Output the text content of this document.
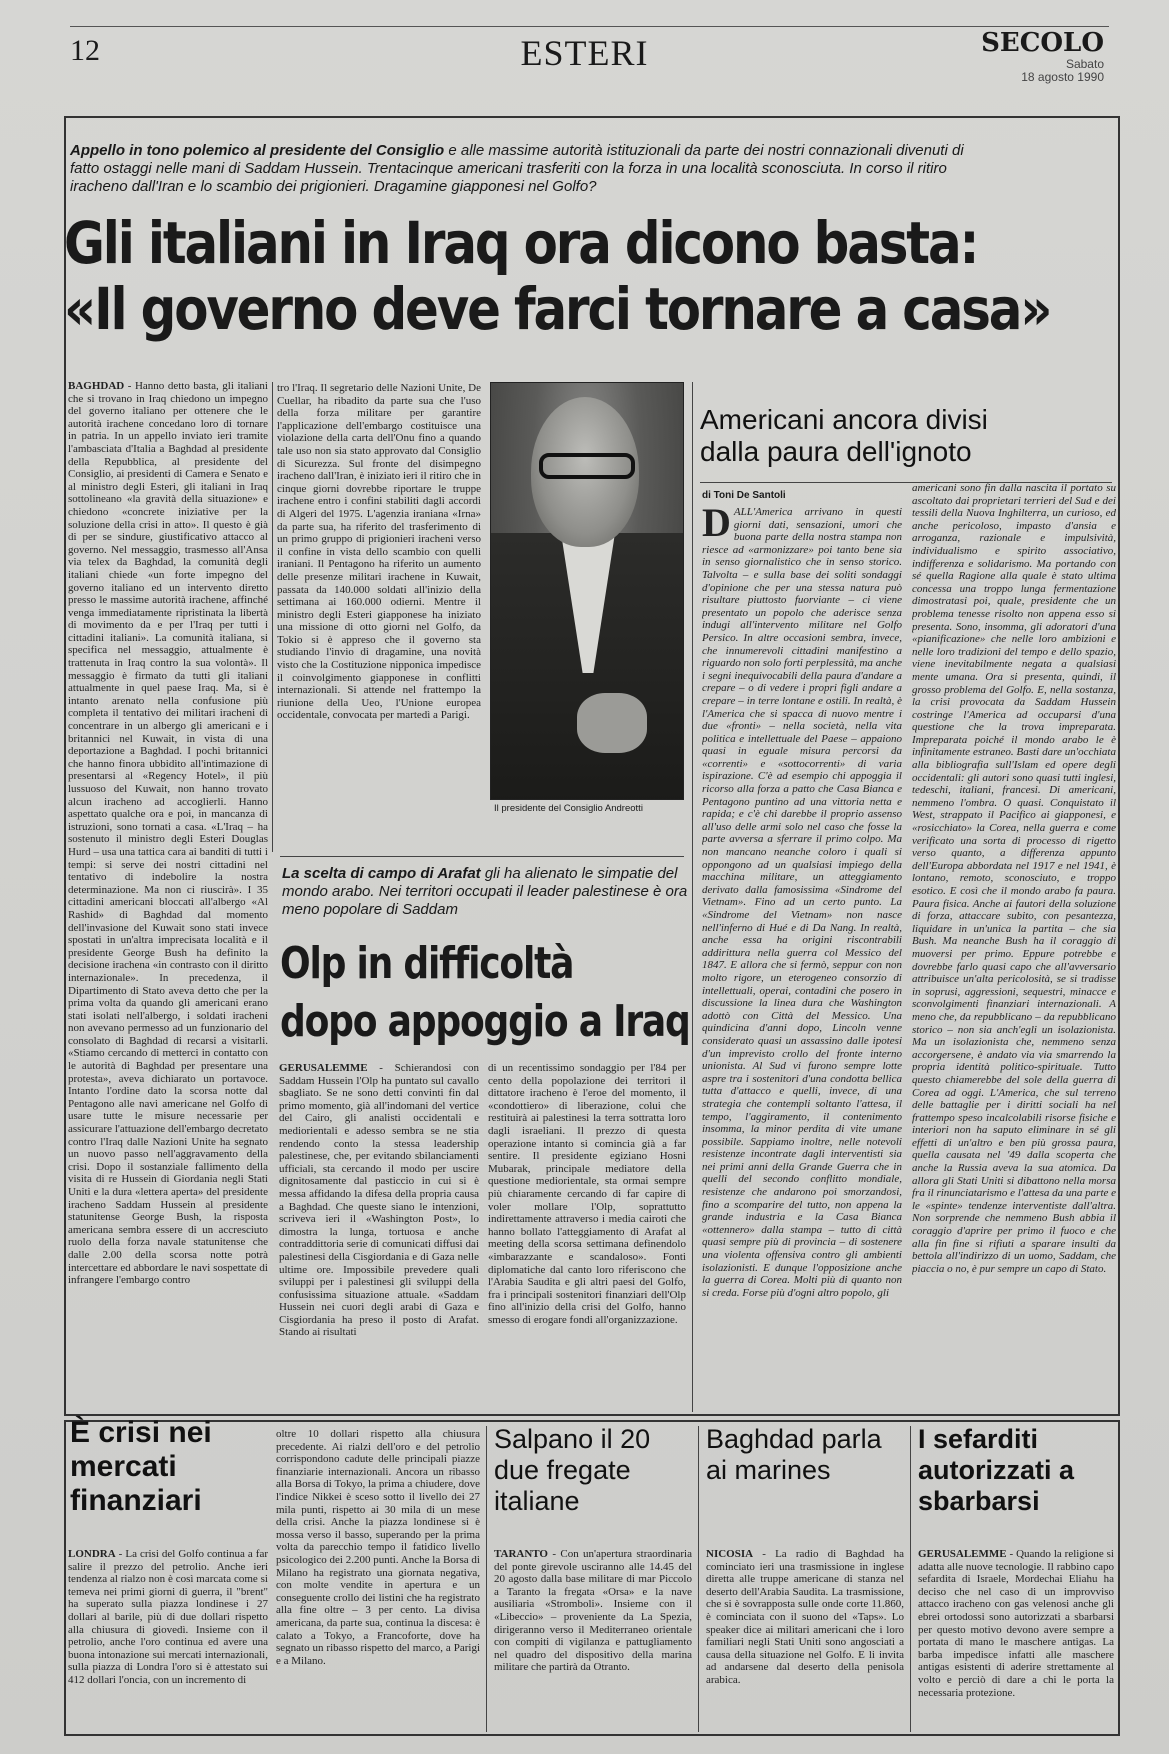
12	ESTERI	SECOLO
Sabato
18 agosto 1990
Appello in tono polemico al presidente del Consiglio e alle massime autorità istituzionali da parte dei nostri connazionali divenuti di fatto ostaggi nelle mani di Saddam Hussein. Trentacinque americani trasferiti con la forza in una località sconosciuta. In corso il ritiro iracheno dall'Iran e lo scambio dei prigionieri. Dragamine giapponesi nel Golfo?
Gli italiani in Iraq ora dicono basta:
«Il governo deve farci tornare a casa»
BAGHDAD - Hanno detto basta, gli italiani che si trovano in Iraq chiedono un impegno del governo italiano per ottenere che le autorità irachene concedano loro di tornare in patria. In un appello inviato ieri tramite l'ambasciata d'Italia a Baghdad al presidente della Repubblica, al presidente del Consiglio, ai presidenti di Camera e Senato e al ministro degli Esteri, gli italiani in Iraq sottolineano «la gravità della situazione» e chiedono «concrete iniziative per la soluzione della crisi in atto». Il questo è già di per se sindure, giustificativo attacco al governo. Nel messaggio, trasmesso all'Ansa via telex da Baghdad, la comunità degli italiani chiede «un forte impegno del governo italiano ed un intervento diretto presso le massime autorità irachene, affinché venga immediatamente ripristinata la libertà di movimento da e per l'Iraq per tutti i cittadini italiani». La comunità italiana, si specifica nel messaggio, attualmente è trattenuta in Iraq contro la sua volontà». Il messaggio è firmato da tutti gli italiani attualmente in quel paese Iraq. Ma, si è intanto arenato nella confusione più completa il tentativo dei militari iracheni di concentrare in un albergo gli americani e i britannici nel Kuwait, in vista di una deportazione a Baghdad. I pochi britannici che hanno finora ubbidito all'intimazione di presentarsi al «Regency Hotel», il più lussuoso del Kuwait, non hanno trovato alcun iracheno ad accoglierli. Hanno aspettato qualche ora e poi, in mancanza di istruzioni, sono tornati a casa. «L'Iraq – ha sostenuto il ministro degli Esteri Douglas Hurd – usa una tattica cara ai banditi di tutti i tempi: si serve dei nostri cittadini nel tentativo di indebolire la nostra determinazione. Ma non ci riuscirà». I 35 cittadini americani bloccati all'albergo «Al Rashid» di Baghdad dal momento dell'invasione del Kuwait sono stati invece spostati in un'altra imprecisata località e il presidente George Bush ha definito la decisione irachena «in contrasto con il diritto internazionale». In precedenza, il Dipartimento di Stato aveva detto che per la prima volta da quando gli americani erano stati isolati nell'albergo, i soldati iracheni non avevano permesso ad un funzionario del consolato di Baghdad di recarsi a visitarli. «Stiamo cercando di metterci in contatto con le autorità di Baghdad per presentare una protesta», aveva dichiarato un portavoce. Intanto l'ordine dato la scorsa notte dal Pentagono alle navi americane nel Golfo di usare tutte le misure necessarie per assicurare l'attuazione dell'embargo decretato contro l'Iraq dalle Nazioni Unite ha segnato un nuovo passo nell'aggravamento della crisi. Dopo il sostanziale fallimento della visita di re Hussein di Giordania negli Stati Uniti e la dura «lettera aperta» del presidente iracheno Saddam Hussein al presidente statunitense George Bush, la risposta americana sembra essere di un accresciuto ruolo della forza navale statunitense che dalle 2.00 della scorsa notte potrà intercettare ed abbordare le navi sospettate di infrangere l'embargo contro
tro l'Iraq. Il segretario delle Nazioni Unite, De Cuellar, ha ribadito da parte sua che l'uso della forza militare per garantire l'applicazione dell'embargo costituisce una violazione della carta dell'Onu fino a quando tale uso non sia stato approvato dal Consiglio di Sicurezza. Sul fronte del disimpegno iracheno dall'Iran, è iniziato ieri il ritiro che in cinque giorni dovrebbe riportare le truppe irachene entro i confini stabiliti dagli accordi di Algeri del 1975. L'agenzia iraniana «Irna» da parte sua, ha riferito del trasferimento di un primo gruppo di prigionieri iracheni verso il confine in vista dello scambio con quelli iraniani. Il Pentagono ha riferito un aumento delle presenze militari irachene in Kuwait, passata da 140.000 soldati all'inizio della settimana ai 160.000 odierni. Mentre il ministro degli Esteri giapponese ha iniziato una missione di otto giorni nel Golfo, da Tokio si è appreso che il governo sta studiando l'invio di dragamine, una novità visto che la Costituzione nipponica impedisce il coinvolgimento giapponese in conflitti internazionali. Si attende nel frattempo la riunione della Ueo, l'Unione europea occidentale, convocata per martedì a Parigi.
Il presidente del Consiglio Andreotti
Americani ancora divisi dalla paura dell'ignoto
di Toni De Santoli
DALL'America arrivano in questi giorni dati, sensazioni, umori che buona parte della nostra stampa non riesce ad «armonizzare» poi tanto bene sia in senso giornalistico che in senso storico. Talvolta – e sulla base dei soliti sondaggi d'opinione che per una stessa natura può risultare piuttosto fuorviante – ci viene presentato un popolo che aderisce senza indugi all'intervento militare nel Golfo Persico. In altre occasioni sembra, invece, che innumerevoli cittadini manifestino a riguardo non solo forti perplessità, ma anche i segni inequivocabili della paura d'andare a crepare – o di vedere i propri figli andare a crepare – in terre lontane e ostili. In realtà, è l'America che si spacca di nuovo mentre i due «fronti» – nella società, nella vita politica e intellettuale del Paese – appaiono quasi in eguale misura percorsi da «correnti» e «sottocorrenti» di varia ispirazione. C'è ad esempio chi appoggia il ricorso alla forza a patto che Casa Bianca e Pentagono puntino ad una vittoria netta e rapida; e c'è chi darebbe il proprio assenso all'uso delle armi solo nel caso che fosse la parte avversa a sferrare il primo colpo. Ma non mancano neanche coloro i quali si oppongono ad un qualsiasi impiego della macchina militare, un atteggiamento derivato dalla famosissima «Sindrome del Vietnam». Fino ad un certo punto. La «Sindrome del Vietnam» non nasce nell'inferno di Hué e di Da Nang. In realtà, anche essa ha origini riscontrabili addirittura nella guerra col Messico del 1847. E allora che si fermò, seppur con non molto rigore, un eterogeneo consorzio di intellettuali, operai, contadini che posero in discussione la linea dura che Washington adottò con Città del Messico. Una quindicina d'anni dopo, Lincoln venne considerato quasi un assassino dalle ipotesi d'un imprevisto crollo del fronte interno unionista. Al Sud vi furono sempre lotte aspre tra i sostenitori d'una condotta bellica tutta d'attacco e quelli, invece, di una strategia che contempli soltanto l'attesa, il tempo, l'aggiramento, il contenimento insomma, la minor perdita di vite umane possibile. Sappiamo inoltre, nelle notevoli resistenze incontrate dagli interventisti sia nei primi anni della Grande Guerra che in quelli del secondo conflitto mondiale, resistenze che andarono poi smorzandosi, fino a scomparire del tutto, non appena la grande industria e la Casa Bianca «ottennero» dalla stampa – tutto di città quasi sempre più di provincia – di sostenere una violenta offensiva contro gli ambienti isolazionisti. E dunque l'opposizione anche la guerra di Corea. Molti più di quanto non si creda. Forse più d'ogni altro popolo, gli
americani sono fin dalla nascita il portato su ascoltato dai proprietari terrieri del Sud e dei tessili della Nuova Inghilterra, un curioso, ed anche pericoloso, impasto d'ansia e arroganza, razionale e impulsività, individualismo e spirito associativo, indifferenza e solidarismo. Ma portando con sé quella Ragione alla quale è stato ultima concessa una troppo lunga fermentazione dimostratasi poi, quale, presidente che un problema tenesse risolto non appena esso si presenta. Sono, insomma, gli adoratori d'una «pianificazione» che nelle loro ambizioni e nelle loro tradizioni del tempo e dello spazio, viene inevitabilmente negata a qualsiasi mente umana. Ora si presenta, quindi, il grosso problema del Golfo. E, nella sostanza, la crisi provocata da Saddam Hussein costringe l'America ad occuparsi d'una questione che la trova impreparata. Impreparata poiché il mondo arabo le è infinitamente estraneo. Basti dare un'occhiata alla bibliografia sull'Islam ed opere degli occidentali: gli autori sono quasi tutti inglesi, tedeschi, italiani, francesi. Di americani, nemmeno l'ombra. O quasi. Conquistato il West, strappato il Pacifico ai giapponesi, e «rosicchiato» la Corea, nella guerra e come verificato una sorta di processo di rigetto verso quanto, a differenza appunto dell'Europa abbordata nel 1917 e nel 1941, è lontano, remoto, sconosciuto, e troppo esotico. E così che il mondo arabo fa paura. Paura fisica. Anche ai fautori della soluzione di forza, attaccare subito, con pesantezza, liquidare in un'unica la partita – che sia Bush. Ma neanche Bush ha il coraggio di muoversi per primo. Eppure potrebbe e dovrebbe farlo quasi capo che all'avversario attribuisce un'alta pericolosità, se si tradisse in soprusi, aggressioni, sequestri, minacce e sconvolgimenti finanziari internazionali. A meno che, da repubblicano – da repubblicano storico – non sia anch'egli un isolazionista. Ma un isolazionista che, nemmeno senza accorgersene, è andato via via smarrendo la propria identità politico-spirituale. Tutto questo chiamerebbe del sole della guerra di Corea ad oggi. L'America, che sul terreno delle battaglie per i diritti sociali ha nel frattempo speso incalcolabili risorse fisiche e interiori non ha saputo eliminare in sé gli effetti di un'altro e ben più grossa paura, quella causata nel '49 dalla scoperta che anche la Russia aveva la sua atomica. Da allora gli Stati Uniti si dibattono nella morsa fra il rinunciatarismo e l'attesa da una parte e le «spinte» tendenze interventiste dall'altra. Non sorprende che nemmeno Bush abbia il coraggio d'aprire per primo il fuoco e che alla fin fine si rifiuti a sparare insulti da bettola all'indirizzo di un uomo, Saddam, che piaccia o no, è pur sempre un capo di Stato.
La scelta di campo di Arafat gli ha alienato le simpatie del mondo arabo. Nei territori occupati il leader palestinese è ora meno popolare di Saddam
Olp in difficoltà
dopo appoggio a Iraq
GERUSALEMME - Schierandosi con Saddam Hussein l'Olp ha puntato sul cavallo sbagliato. Se ne sono detti convinti fin dal primo momento, già all'indomani del vertice del Cairo, gli analisti occidentali e mediorientali e adesso sembra se ne stia rendendo conto la stessa leadership palestinese, che, per evitando sbilanciamenti ufficiali, sta cercando il modo per uscire dignitosamente dal pasticcio in cui si è messa affidando la difesa della propria causa a Baghdad. Che queste siano le intenzioni, scriveva ieri il «Washington Post», lo dimostra la lunga, tortuosa e anche contraddittoria serie di comunicati diffusi dai palestinesi della Cisgiordania e di Gaza nelle ultime ore. Impossibile prevedere quali sviluppi per i palestinesi gli sviluppi della confusissima situazione attuale. «Saddam Hussein nei cuori degli arabi di Gaza e Cisgiordania ha preso il posto di Arafat. Stando ai risultati
di un recentissimo sondaggio per l'84 per cento della popolazione dei territori il dittatore iracheno è l'eroe del momento, il «condottiero» di liberazione, colui che restituirà ai palestinesi la terra sottratta loro dagli israeliani. Il prezzo di questa operazione intanto si comincia già a far sentire. Il presidente egiziano Hosni Mubarak, principale mediatore della questione mediorientale, sta ormai sempre più chiaramente cercando di far capire di voler mollare l'Olp, soprattutto indirettamente attraverso i media cairoti che hanno bollato l'atteggiamento di Arafat al meeting della scorsa settimana definendolo «imbarazzante e scandaloso». Fonti diplomatiche dal canto loro riferiscono che l'Arabia Saudita e gli altri paesi del Golfo, fra i principali sostenitori finanziari dell'Olp fino all'inizio della crisi del Golfo, hanno smesso di erogare fondi all'organizzazione.
È crisi nei mercati finanziari
LONDRA - La crisi del Golfo continua a far salire il prezzo del petrolio. Anche ieri tendenza al rialzo non è così marcata come si temeva nei primi giorni di guerra, il "brent" ha superato sulla piazza londinese i 27 dollari al barile, più di due dollari rispetto alla chiusura di giovedì. Insieme con il petrolio, anche l'oro continua ed avere una buona intonazione sui mercati internazionali, sulla piazza di Londra l'oro si è attestato sui 412 dollari l'oncia, con un incremento di
oltre 10 dollari rispetto alla chiusura precedente. Ai rialzi dell'oro e del petrolio corrispondono cadute delle principali piazze finanziarie internazionali. Ancora un ribasso alla Borsa di Tokyo, la prima a chiudere, dove l'indice Nikkei è sceso sotto il livello dei 27 mila punti, rispetto ai 30 mila di un mese della crisi. Anche la piazza londinese si è mossa verso il basso, superando per la prima volta da parecchio tempo il fatidico livello psicologico dei 2.200 punti. Anche la Borsa di Milano ha registrato una giornata negativa, con molte vendite in apertura e un conseguente crollo dei listini che ha registrato alla fine oltre – 3 per cento. La divisa americana, da parte sua, continua la discesa: è calato a Tokyo, a Francoforte, dove ha segnato un ribasso rispetto del marco, a Parigi e a Milano.
Salpano il 20 due fregate italiane
TARANTO - Con un'apertura straordinaria del ponte girevole usciranno alle 14.45 del 20 agosto dalla base militare di mar Piccolo a Taranto la fregata «Orsa» e la nave ausiliaria «Stromboli». Insieme con il «Libeccio» – proveniente da La Spezia, dirigeranno verso il Mediterraneo orientale con compiti di vigilanza e pattugliamento nel quadro del dispositivo della marina militare che partirà da Otranto.
Baghdad parla ai marines
NICOSIA - La radio di Baghdad ha cominciato ieri una trasmissione in inglese diretta alle truppe americane di stanza nel deserto dell'Arabia Saudita. La trasmissione, che si è sovrapposta sulle onde corte 11.860, è cominciata con il suono del «Taps». Lo speaker dice ai militari americani che i loro familiari negli Stati Uniti sono angosciati a causa della situazione nel Golfo. E li invita ad andarsene dal deserto della penisola arabica.
I sefarditi autorizzati a sbarbarsi
GERUSALEMME - Quando la religione si adatta alle nuove tecnologie. Il rabbino capo sefardita di Israele, Mordechai Eliahu ha deciso che nel caso di un improvviso attacco iracheno con gas velenosi anche gli ebrei ortodossi sono autorizzati a sbarbarsi per questo motivo devono avere sempre a portata di mano le maschere antigas. La barba impedisce infatti alle maschere antigas esistenti di aderire strettamente al volto e perciò di dare a chi le porta la necessaria protezione.
